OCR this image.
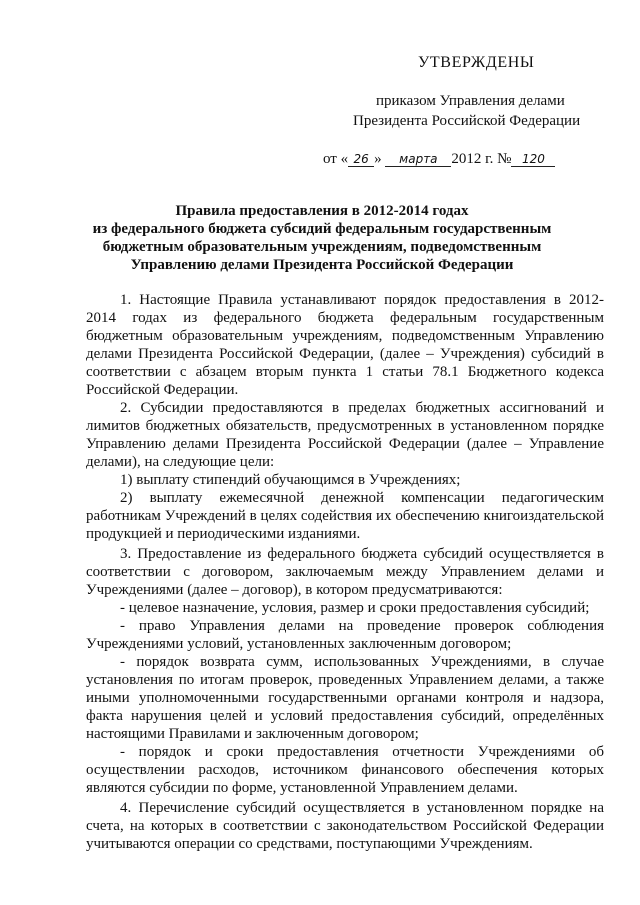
УТВЕРЖДЕНЫ
приказом Управления делами
Президента Российской Федерации
от « 26 » марта 2012 г. № 120
Правила предоставления в 2012-2014 годах
из федерального бюджета субсидий федеральным государственным
бюджетным образовательным учреждениям, подведомственным
Управлению делами Президента Российской Федерации

1. Настоящие Правила устанавливают порядок предоставления в 2012-2014 годах из федерального бюджета федеральным государственным бюджетным образовательным учреждениям, подведомственным Управлению делами Президента Российской Федерации, (далее – Учреждения) субсидий в соответствии с абзацем вторым пункта 1 статьи 78.1 Бюджетного кодекса Российской Федерации.

2. Субсидии предоставляются в пределах бюджетных ассигнований и лимитов бюджетных обязательств, предусмотренных в установленном порядке Управлению делами Президента Российской Федерации (далее – Управление делами), на следующие цели:

1) выплату стипендий обучающимся в Учреждениях;

2) выплату ежемесячной денежной компенсации педагогическим работникам Учреждений в целях содействия их обеспечению книгоиздательской продукцией и периодическими изданиями.

3. Предоставление из федерального бюджета субсидий осуществляется в соответствии с договором, заключаемым между Управлением делами и Учреждениями (далее – договор), в котором предусматриваются:

- целевое назначение, условия, размер и сроки предоставления субсидий;

- право Управления делами на проведение проверок соблюдения Учреждениями условий, установленных заключенным договором;

- порядок возврата сумм, использованных Учреждениями, в случае установления по итогам проверок, проведенных Управлением делами, а также иными уполномоченными государственными органами контроля и надзора, факта нарушения целей и условий предоставления субсидий, определённых настоящими Правилами и заключенным договором;

- порядок и сроки предоставления отчетности Учреждениями об осуществлении расходов, источником финансового обеспечения которых являются субсидии по форме, установленной Управлением делами.

4. Перечисление субсидий осуществляется в установленном порядке на счета, на которых в соответствии с законодательством Российской Федерации учитываются операции со средствами, поступающими Учреждениям.
